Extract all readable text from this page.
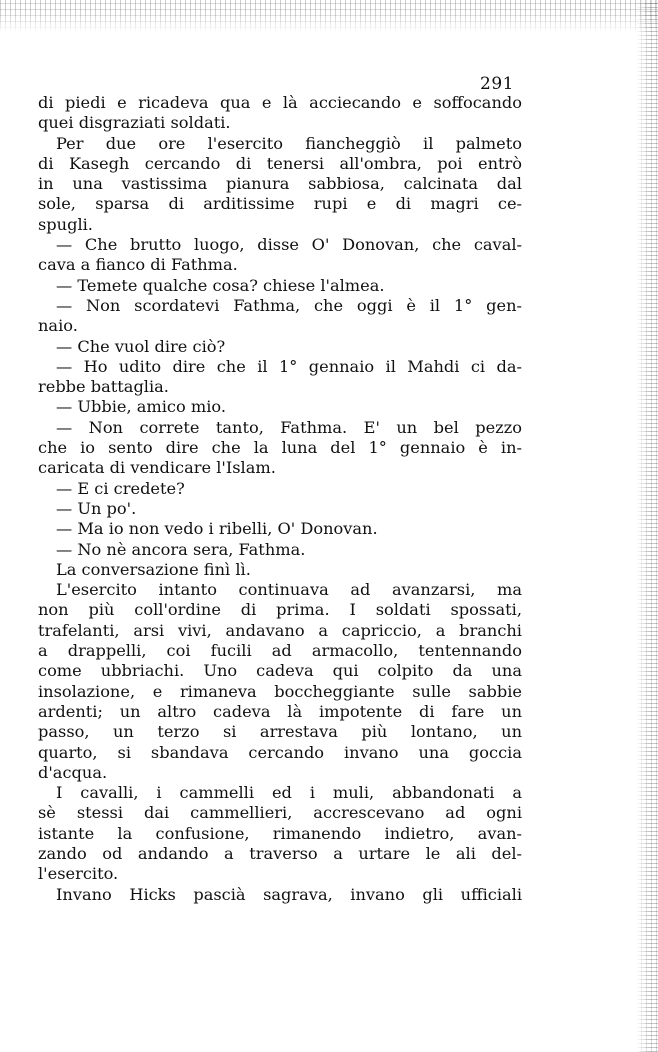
291
di piedi e ricadeva qua e là acciecando e soffocando
quei disgraziati soldati.
Per due ore l'esercito fiancheggiò il palmeto
di Kasegh cercando di tenersi all'ombra, poi entrò
in una vastissima pianura sabbiosa, calcinata dal
sole, sparsa di arditissime rupi e di magri ce-
spugli.
— Che brutto luogo, disse O' Donovan, che caval-
cava a fianco di Fathma.
— Temete qualche cosa? chiese l'almea.
— Non scordatevi Fathma, che oggi è il 1° gen-
naio.
— Che vuol dire ciò?
— Ho udito dire che il 1° gennaio il Mahdi ci da-
rebbe battaglia.
— Ubbie, amico mio.
— Non correte tanto, Fathma. E' un bel pezzo
che io sento dire che la luna del 1° gennaio è in-
caricata di vendicare l'Islam.
— E ci credete?
— Un po'.
— Ma io non vedo i ribelli, O' Donovan.
— No nè ancora sera, Fathma.
La conversazione finì lì.
L'esercito intanto continuava ad avanzarsi, ma
non più coll'ordine di prima. I soldati spossati,
trafelanti, arsi vivi, andavano a capriccio, a branchi
a drappelli, coi fucili ad armacollo, tentennando
come ubbriachi. Uno cadeva qui colpito da una
insolazione, e rimaneva boccheggiante sulle sabbie
ardenti; un altro cadeva là impotente di fare un
passo, un terzo si arrestava più lontano, un
quarto, si sbandava cercando invano una goccia
d'acqua.
I cavalli, i cammelli ed i muli, abbandonati a
sè stessi dai cammellieri, accrescevano ad ogni
istante la confusione, rimanendo indietro, avan-
zando od andando a traverso a urtare le ali del-
l'esercito.
Invano Hicks pascià sagrava, invano gli ufficiali
